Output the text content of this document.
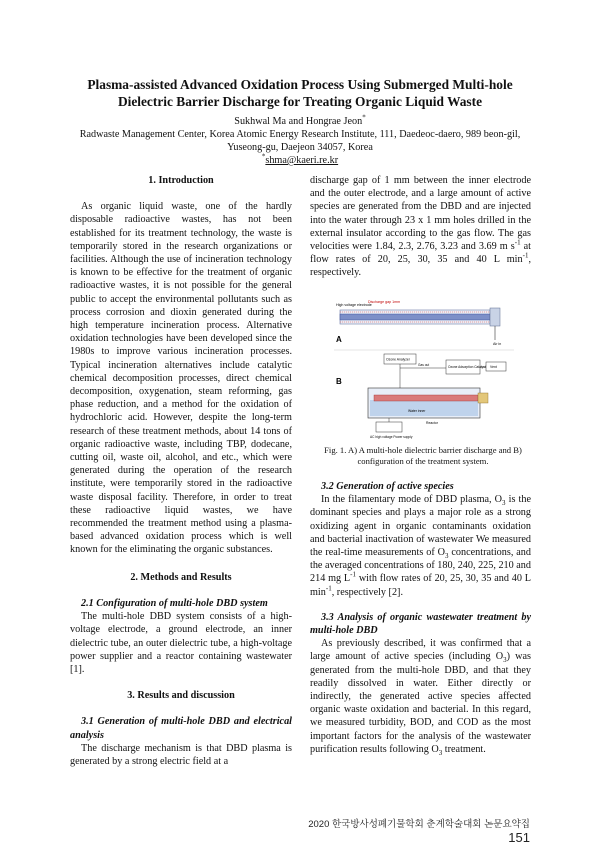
Plasma-assisted Advanced Oxidation Process Using Submerged Multi-hole
Dielectric Barrier Discharge for Treating Organic Liquid Waste
Sukhwal Ma and Hongrae Jeon*
Radwaste Management Center, Korea Atomic Energy Research Institute, 111, Daedeoc-daero, 989 beon-gil,
Yuseong-gu, Daejeon 34057, Korea
*shma@kaeri.re.kr

1. Introduction

As organic liquid waste, one of the hardly disposable radioactive wastes, has not been established for its treatment technology, the waste is temporarily stored in the research organizations or facilities. Although the use of incineration technology is known to be effective for the treatment of organic radioactive wastes, it is not possible for the general public to accept the environmental pollutants such as process corrosion and dioxin generated during the high temperature incineration process. Alternative oxidation technologies have been developed since the 1980s to improve various incineration processes. Typical incineration alternatives include catalytic chemical decomposition processes, direct chemical decomposition, oxygenation, steam reforming, gas phase reduction, and a method for the oxidation of hydrochloric acid. However, despite the long-term research of these treatment methods, about 14 tons of organic radioactive waste, including TBP, dodecane, cutting oil, waste oil, alcohol, and etc., which were generated during the operation of the research institute, were temporarily stored in the radioactive waste disposal facility. Therefore, in order to treat these radioactive liquid wastes, we have recommended the treatment method using a plasma-based advanced oxidation process which is well known for the eliminating the organic substances.

2. Methods and Results

2.1 Configuration of multi-hole DBD system

The multi-hole DBD system consists of a high-voltage electrode, a ground electrode, an inner dielectric tube, an outer dielectric tube, a high-voltage power supplier and a reactor containing wastewater [1].

3. Results and discussion

3.1 Generation of multi-hole DBD and electrical analysis

The discharge mechanism is that DBD plasma is generated by a strong electric field at a

discharge gap of 1 mm between the inner electrode and the outer electrode, and a large amount of active species are generated from the DBD and are injected into the water through 23 x 1 mm holes drilled in the external insulator according to the gas flow. The gas velocities were 1.84, 2.3, 2.76, 3.23 and 3.69 m $s^{-1}$ at flow rates of 20, 25, 30, 35 and 40 L $\min^{-1}$, respectively.

High voltage electrode
Discharge gap 1mm
Air in
A
B
Ozone Analyzer
Ozone Adsorption Catalyst Vent
Gas out
Water inner
Reactor
AC high voltage Power supply
Fig. 1. A) A multi-hole dielectric barrier discharge and B) configuration of the treatment system.

3.2 Generation of active species

In the filamentary mode of DBD plasma, $O_3$ is the dominant species and plays a major role as a strong oxidizing agent in organic contaminants oxidation and bacterial inactivation of wastewater We measured the real-time measurements of $O_3$ concentrations, and the averaged concentrations of 180, 240, 225, 210 and 214 mg $L^{-1}$ with flow rates of 20, 25, 30, 35 and 40 L $\min^{-1}$, respectively [2].

3.3 Analysis of organic wastewater treatment by multi-hole DBD

As previously described, it was confirmed that a large amount of active species (including $O_3$) was generated from the multi-hole DBD, and that they readily dissolved in water. Either directly or indirectly, the generated active species affected organic waste oxidation and bacterial. In this regard, we measured turbidity, BOD, and COD as the most important factors for the analysis of the wastewater purification results following $O_3$ treatment.

2020 한국방사성폐기물학회 춘계학술대회 논문요약집151
